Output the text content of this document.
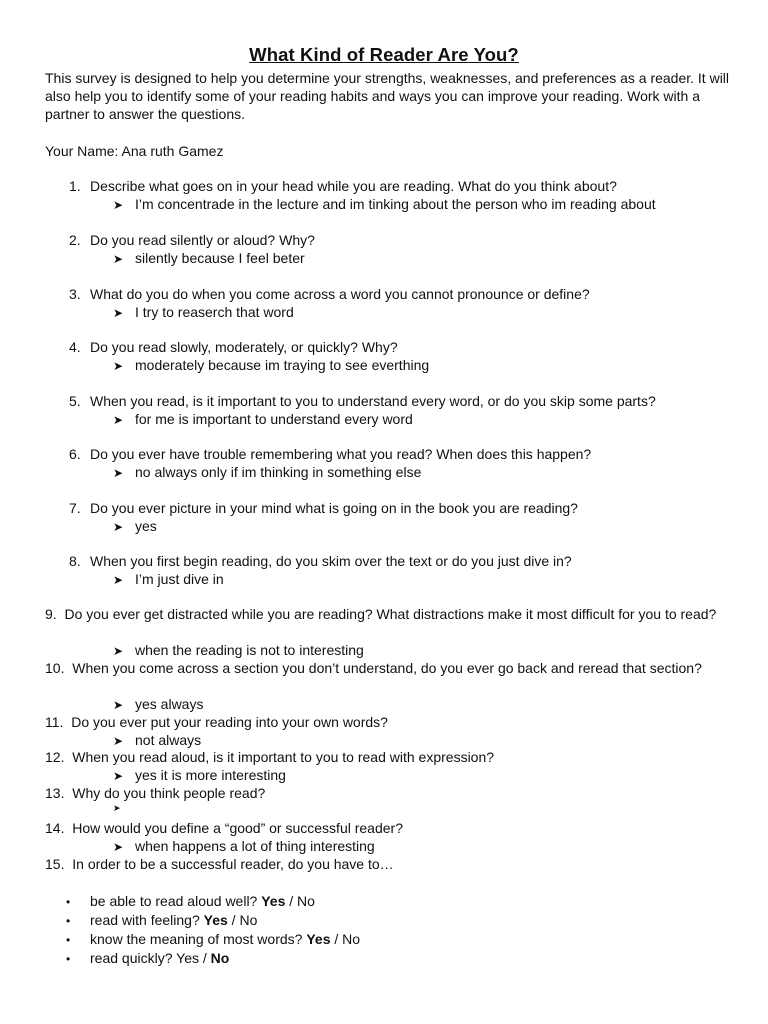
What Kind of Reader Are You?
This survey is designed to help you determine your strengths, weaknesses, and preferences as a reader. It will also help you to identify some of your reading habits and ways you can improve your reading. Work with a partner to answer the questions.
Your Name: Ana ruth Gamez
1. Describe what goes on in your head while you are reading. What do you think about?
➤ I’m concentrade in the lecture and im tinking about the person who im reading about
2. Do you read silently or aloud? Why?
➤ silently because I feel beter
3. What do you do when you come across a word you cannot pronounce or define?
➤ I try to reaserch that word
4. Do you read slowly, moderately, or quickly? Why?
➤ moderately because im traying to see everthing
5. When you read, is it important to you to understand every word, or do you skip some parts?
➤ for me is important to understand every word
6. Do you ever have trouble remembering what you read? When does this happen?
➤ no always only if im thinking in something else
7. Do you ever picture in your mind what is going on in the book you are reading?
➤ yes
8. When you first begin reading, do you skim over the text or do you just dive in?
➤ I’m just dive in
9. Do you ever get distracted while you are reading? What distractions make it most difficult for you to read?
➤ when the reading is not to interesting
10. When you come across a section you don’t understand, do you ever go back and reread that section?
➤ yes always
11. Do you ever put your reading into your own words?
➤ not always
12. When you read aloud, is it important to you to read with expression?
➤ yes it is more interesting
13. Why do you think people read?
➤
14. How would you define a “good” or successful reader?
➤ when happens a lot of thing interesting
15. In order to be a successful reader, do you have to…
• be able to read aloud well? Yes / No
• read with feeling? Yes / No
• know the meaning of most words? Yes / No
• read quickly? Yes / No
